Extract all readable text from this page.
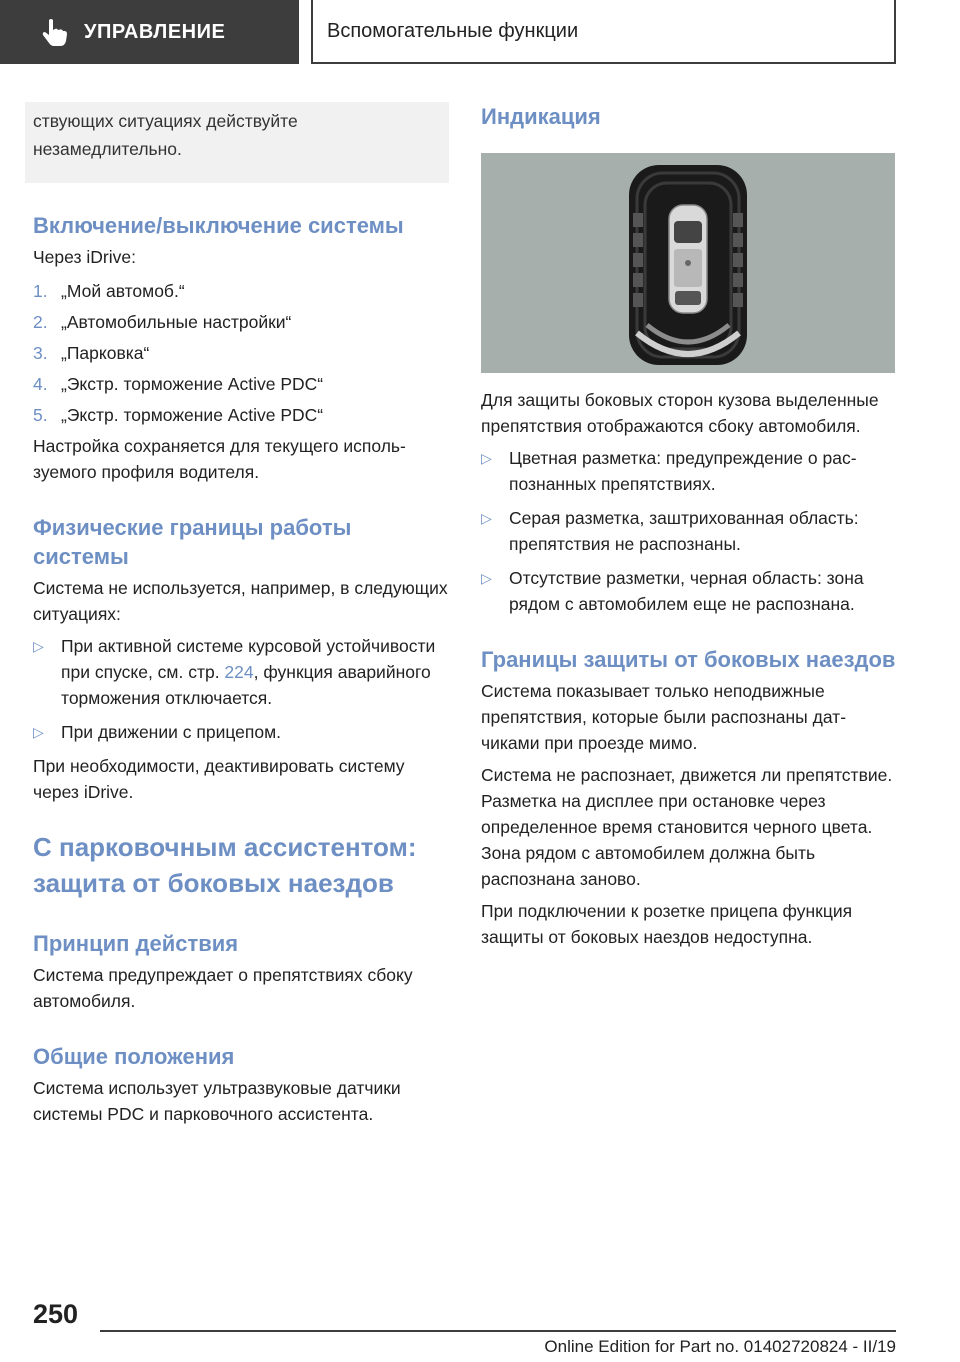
УПРАВЛЕНИЕ	Вспомогательные функции
ствующих ситуациях действуйте незамедлительно.
Включение/выключение системы

Через iDrive:

1. „Мой автомоб.“
2. „Автомобильные настройки“
3. „Парковка“
4. „Экстр. торможение Active PDC“
5. „Экстр. торможение Active PDC“

Настройка сохраняется для текущего используемого профиля водителя.

Физические границы работы системы

Система не используется, например, в следующих ситуациях:

▷ При активной системе курсовой устойчивости при спуске, см. стр. 224, функция аварийного торможения отключается.
▷ При движении с прицепом.

При необходимости, деактивировать систему через iDrive.

С парковочным ассистентом: защита от боковых наездов
Принцип действия

Система предупреждает о препятствиях сбоку автомобиля.

Общие положения

Система использует ультразвуковые датчики системы PDC и парковочного ассистента.

Индикация

Для защиты боковых сторон кузова выделенные препятствия отображаются сбоку автомобиля.

▷ Цветная разметка: предупреждение о распознанных препятствиях.
▷ Серая разметка, заштрихованная область: препятствия не распознаны.
▷ Отсутствие разметки, черная область: зона рядом с автомобилем еще не распознана.
Границы защиты от боковых наездов

Система показывает только неподвижные препятствия, которые были распознаны датчиками при проезде мимо.

Система не распознает, движется ли препятствие. Разметка на дисплее при остановке через определенное время становится черного цвета. Зона рядом с автомобилем должна быть распознана заново.

При подключении к розетке прицепа функция защиты от боковых наездов недоступна.

250
Online Edition for Part no. 01402720824 - II/19
